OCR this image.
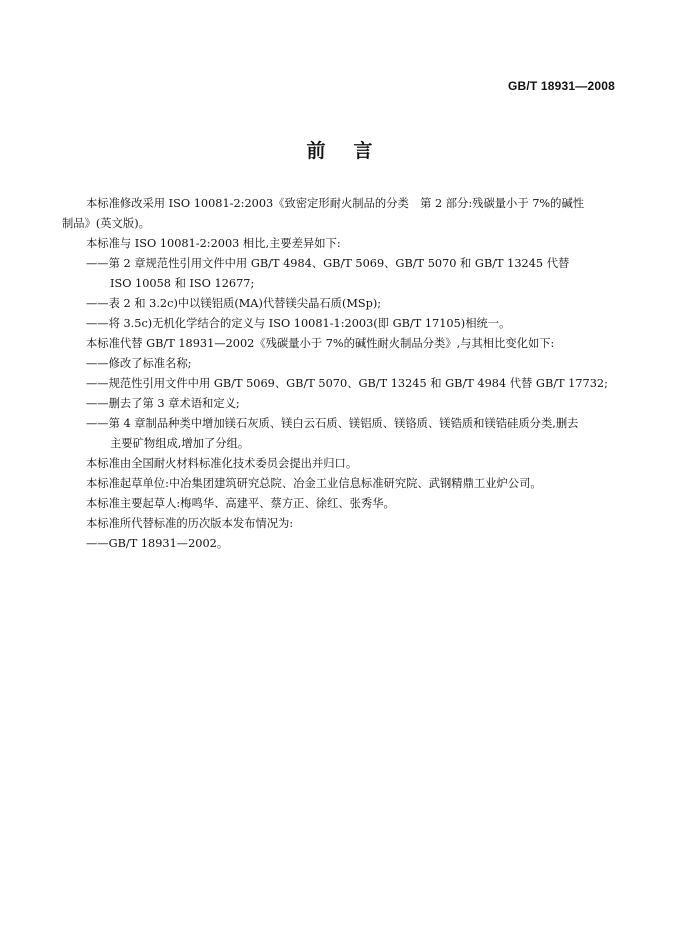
GB/T 18931—2008
前 言

本标准修改采用 ISO 10081-2:2003《致密定形耐火制品的分类　第 2 部分:残碳量小于 7%的碱性

制品》(英文版)。

本标准与 ISO 10081-2:2003 相比,主要差异如下:

——第 2 章规范性引用文件中用 GB/T 4984、GB/T 5069、GB/T 5070 和 GB/T 13245 代替
ISO 10058 和 ISO 12677;

——表 2 和 3.2c)中以镁铝质(MA)代替镁尖晶石质(MSp);

——将 3.5c)无机化学结合的定义与 ISO 10081-1:2003(即 GB/T 17105)相统一。

本标准代替 GB/T 18931—2002《残碳量小于 7%的碱性耐火制品分类》,与其相比变化如下:

——修改了标准名称;

——规范性引用文件中用 GB/T 5069、GB/T 5070、GB/T 13245 和 GB/T 4984 代替 GB/T 17732;

——删去了第 3 章术语和定义;

——第 4 章制品种类中增加镁石灰质、镁白云石质、镁铝质、镁铬质、镁锆质和镁锆硅质分类,删去
主要矿物组成,增加了分组。

本标准由全国耐火材料标准化技术委员会提出并归口。

本标准起草单位:中冶集团建筑研究总院、冶金工业信息标准研究院、武钢精鼎工业炉公司。

本标准主要起草人:梅鸣华、高建平、蔡方正、徐红、张秀华。

本标准所代替标准的历次版本发布情况为:

——GB/T 18931—2002。
